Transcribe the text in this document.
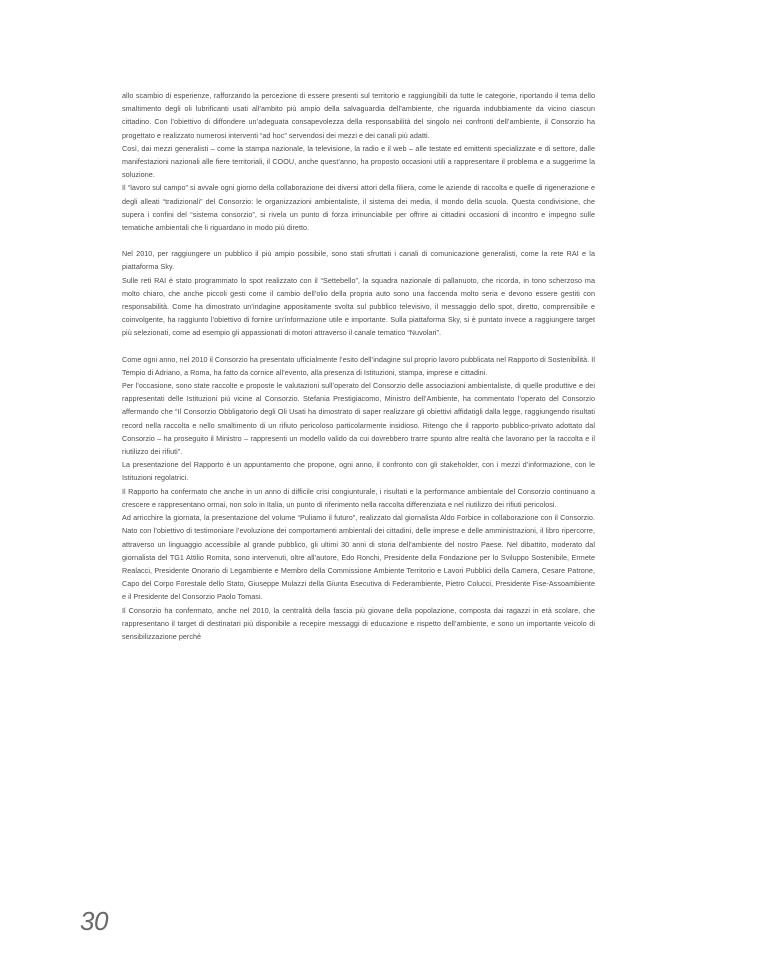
allo scambio di esperienze, rafforzando la percezione di essere presenti sul territorio e raggiungibili da tutte le categorie, riportando il tema dello smaltimento degli oli lubrificanti usati all’ambito più ampio della salvaguardia dell’ambiente, che riguarda indubbiamente da vicino ciascun cittadino. Con l’obiettivo di diffondere un’adeguata consapevolezza della responsabilità del singolo nei confronti dell’ambiente, il Consorzio ha progettato e realizzato numerosi interventi “ad hoc” servendosi dei mezzi e dei canali più adatti.

Così, dai mezzi generalisti – come la stampa nazionale, la televisione, la radio e il web – alle testate ed emittenti specializzate e di settore, dalle manifestazioni nazionali alle fiere territoriali, il COOU, anche quest’anno, ha proposto occasioni utili a rappresentare il problema e a suggerirne la soluzione.

Il “lavoro sul campo” si avvale ogni giorno della collaborazione dei diversi attori della filiera, come le aziende di raccolta e quelle di rigenerazione e degli alleati “tradizionali” del Consorzio: le organizzazioni ambientaliste, il sistema dei media, il mondo della scuola. Questa condivisione, che supera i confini del “sistema consorzio”, si rivela un punto di forza irrinunciabile per offrire ai cittadini occasioni di incontro e impegno sulle tematiche ambientali che li riguardano in modo più diretto.

Nel 2010, per raggiungere un pubblico il più ampio possibile, sono stati sfruttati i canali di comunicazione generalisti, come la rete RAI e la piattaforma Sky.

Sulle reti RAI è stato programmato lo spot realizzato con il “Settebello”, la squadra nazionale di pallanuoto, che ricorda, in tono scherzoso ma molto chiaro, che anche piccoli gesti come il cambio dell’olio della propria auto sono una faccenda molto seria e devono essere gestiti con responsabilità. Come ha dimostrato un’indagine appositamente svolta sul pubblico televisivo, il messaggio dello spot, diretto, comprensibile e coinvolgente, ha raggiunto l’obiettivo di fornire un’informazione utile e importante. Sulla piattaforma Sky, si è puntato invece a raggiungere target più selezionati, come ad esempio gli appassionati di motori attraverso il canale tematico “Nuvolari”.

Come ogni anno, nel 2010 il Consorzio ha presentato ufficialmente l’esito dell’indagine sul proprio lavoro pubblicata nel Rapporto di Sostenibilità. Il Tempio di Adriano, a Roma, ha fatto da cornice all’evento, alla presenza di Istituzioni, stampa, imprese e cittadini.

Per l’occasione, sono state raccolte e proposte le valutazioni sull’operato del Consorzio delle associazioni ambientaliste, di quelle produttive e dei rappresentati delle Istituzioni più vicine al Consorzio. Stefania Prestigiacomo, Ministro dell’Ambiente, ha commentato l’operato del Consorzio affermando che “Il Consorzio Obbligatorio degli Oli Usati ha dimostrato di saper realizzare gli obiettivi affidatigli dalla legge, raggiungendo risultati record nella raccolta e nello smaltimento di un rifiuto pericoloso particolarmente insidioso. Ritengo che il rapporto pubblico-privato adottato dal Consorzio – ha proseguito il Ministro – rappresenti un modello valido da cui dovrebbero trarre spunto altre realtà che lavorano per la raccolta e il riutilizzo dei rifiuti”.

La presentazione del Rapporto è un appuntamento che propone, ogni anno, il confronto con gli stakeholder, con i mezzi d’informazione, con le Istituzioni regolatrici.

Il Rapporto ha confermato che anche in un anno di difficile crisi congiunturale, i risultati e la performance ambientale del Consorzio continuano a crescere e rappresentano ormai, non solo in Italia, un punto di riferimento nella raccolta differenziata e nel riutilizzo dei rifiuti pericolosi.

Ad arricchire la giornata, la presentazione del volume “Puliamo il futuro”, realizzato dal giornalista Aldo Forbice in collaborazione con il Consorzio. Nato con l’obiettivo di testimoniare l’evoluzione dei comportamenti ambientali dei cittadini, delle imprese e delle amministrazioni, il libro ripercorre, attraverso un linguaggio accessibile al grande pubblico, gli ultimi 30 anni di storia dell’ambiente del nostro Paese. Nel dibattito, moderato dal giornalista del TG1 Attilio Romita, sono intervenuti, oltre all’autore, Edo Ronchi, Presidente della Fondazione per lo Sviluppo Sostenibile, Ermete Realacci, Presidente Onorario di Legambiente e Membro della Commissione Ambiente Territorio e Lavori Pubblici della Camera, Cesare Patrone, Capo del Corpo Forestale dello Stato, Giuseppe Mulazzi della Giunta Esecutiva di Federambiente, Pietro Colucci, Presidente Fise-Assoambiente e il Presidente del Consorzio Paolo Tomasi.

Il Consorzio ha confermato, anche nel 2010, la centralità della fascia più giovane della popolazione, composta dai ragazzi in età scolare, che rappresentano il target di destinatari più disponibile a recepire messaggi di educazione e rispetto dell’ambiente, e sono un importante veicolo di sensibilizzazione perché

30
